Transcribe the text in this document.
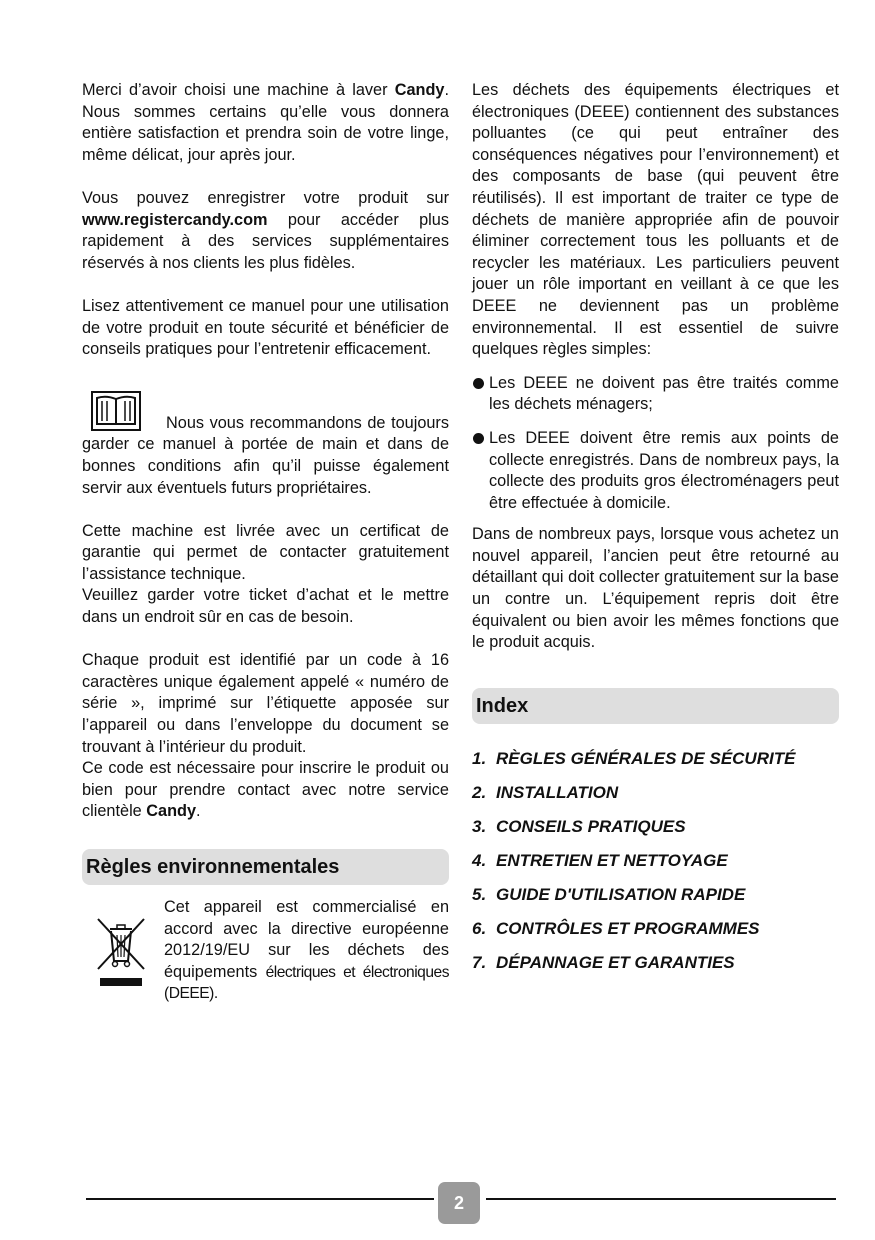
Merci d’avoir choisi une machine à laver Candy. Nous sommes certains qu’elle vous donnera entière satisfaction et prendra soin de votre linge, même délicat, jour après jour.

Vous pouvez enregistrer votre produit sur www.registercandy.com pour accéder plus rapidement à des services supplémentaires réservés à nos clients les plus fidèles.

Lisez attentivement ce manuel pour une utilisation de votre produit en toute sécurité et bénéficier de conseils pratiques pour l’entretenir efficacement.

Nous vous recommandons de toujours garder ce manuel à portée de main et dans de bonnes conditions afin qu’il puisse également servir aux éventuels futurs propriétaires.

Cette machine est livrée avec un certificat de garantie qui permet de contacter gratuitement l’assistance technique.

Veuillez garder votre ticket d’achat et le mettre dans un endroit sûr en cas de besoin.

Chaque produit est identifié par un code à 16 caractères unique également appelé « numéro de série », imprimé sur l’étiquette apposée sur l’appareil ou dans l’enveloppe du document se trouvant à l’intérieur du produit.

Ce code est nécessaire pour inscrire le produit ou bien pour prendre contact avec notre service clientèle Candy.

Règles environnementales
Cet appareil est commercialisé en accord avec la directive européenne 2012/19/EU sur les déchets des équipements électriques et électroniques (DEEE).

Les déchets des équipements électriques et électroniques (DEEE) contiennent des substances polluantes (ce qui peut entraîner des conséquences négatives pour l’environnement) et des composants de base (qui peuvent être réutilisés). Il est important de traiter ce type de déchets de manière appropriée afin de pouvoir éliminer correctement tous les polluants et de recycler les matériaux. Les particuliers peuvent jouer un rôle important en veillant à ce que les DEEE ne deviennent pas un problème environnemental. Il est essentiel de suivre quelques règles simples:

Les DEEE ne doivent pas être traités comme les déchets ménagers;
Les DEEE doivent être remis aux points de collecte enregistrés. Dans de nombreux pays, la collecte des produits gros électroménagers peut être effectuée à domicile.

Dans de nombreux pays, lorsque vous achetez un nouvel appareil, l’ancien peut être retourné au détaillant qui doit collecter gratuitement sur la base un contre un. L’équipement repris doit être équivalent ou bien avoir les mêmes fonctions que le produit acquis.

Index
1. RÈGLES GÉNÉRALES DE SÉCURITÉ
2. INSTALLATION
3. CONSEILS PRATIQUES
4. ENTRETIEN ET NETTOYAGE
5. GUIDE D'UTILISATION RAPIDE
6. CONTRÔLES ET PROGRAMMES
7. DÉPANNAGE ET GARANTIES
2
